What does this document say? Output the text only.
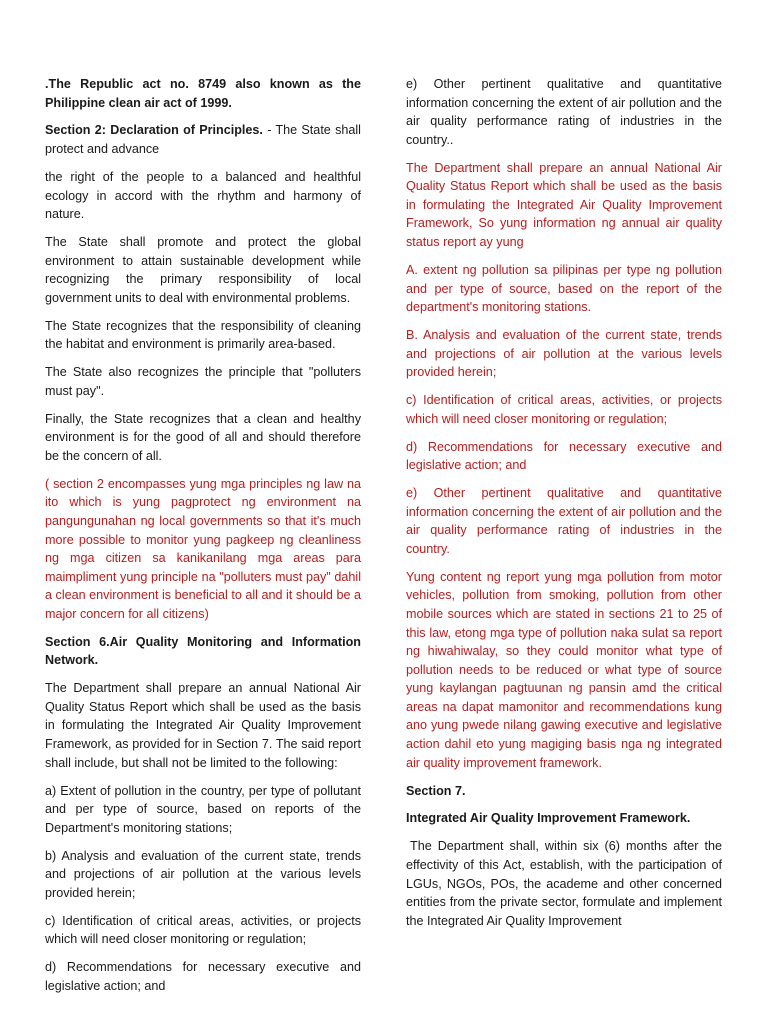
.The Republic act no. 8749 also known as the Philippine clean air act of 1999.

Section 2: Declaration of Principles. - The State shall protect and advance

the right of the people to a balanced and healthful ecology in accord with the rhythm and harmony of nature.

The State shall promote and protect the global environment to attain sustainable development while recognizing the primary responsibility of local government units to deal with environmental problems.

The State recognizes that the responsibility of cleaning the habitat and environment is primarily area-based.

The State also recognizes the principle that "polluters must pay".

Finally, the State recognizes that a clean and healthy environment is for the good of all and should therefore be the concern of all.

( section 2 encompasses yung mga principles ng law na ito which is yung pagprotect ng environment na pangungunahan ng local governments so that it's much more possible to monitor yung pagkeep ng cleanliness ng mga citizen sa kanikanilang mga areas para maimpliment yung principle na "polluters must pay" dahil a clean environment is beneficial to all and it should be a major concern for all citizens)

Section 6.Air Quality Monitoring and Information Network.

The Department shall prepare an annual National Air Quality Status Report which shall be used as the basis in formulating the Integrated Air Quality Improvement Framework, as provided for in Section 7. The said report shall include, but shall not be limited to the following:

a) Extent of pollution in the country, per type of pollutant and per type of source, based on reports of the Department's monitoring stations;

b) Analysis and evaluation of the current state, trends and projections of air pollution at the various levels provided herein;

c) Identification of critical areas, activities, or projects which will need closer monitoring or regulation;

d) Recommendations for necessary executive and legislative action; and

e) Other pertinent qualitative and quantitative information concerning the extent of air pollution and the air quality performance rating of industries in the country..

The Department shall prepare an annual National Air Quality Status Report which shall be used as the basis in formulating the Integrated Air Quality Improvement Framework, So yung information ng annual air quality status report ay yung

A. extent ng pollution sa pilipinas per type ng pollution and per type of source, based on the report of the department's monitoring stations.

B. Analysis and evaluation of the current state, trends and projections of air pollution at the various levels provided herein;

c) Identification of critical areas, activities, or projects which will need closer monitoring or regulation;

d) Recommendations for necessary executive and legislative action; and

e) Other pertinent qualitative and quantitative information concerning the extent of air pollution and the air quality performance rating of industries in the country.

Yung content ng report yung mga pollution from motor vehicles, pollution from smoking, pollution from other mobile sources which are stated in sections 21 to 25 of this law, etong mga type of pollution naka sulat sa report ng hiwahiwalay, so they could monitor what type of pollution needs to be reduced or what type of source yung kaylangan pagtuunan ng pansin amd the critical areas na dapat mamonitor and recommendations kung ano yung pwede nilang gawing executive and legislative action dahil eto yung magiging basis nga ng integrated air quality improvement framework.

Section 7.

Integrated Air Quality Improvement Framework.

The Department shall, within six (6) months after the effectivity of this Act, establish, with the participation of LGUs, NGOs, POs, the academe and other concerned entities from the private sector, formulate and implement the Integrated Air Quality Improvement
